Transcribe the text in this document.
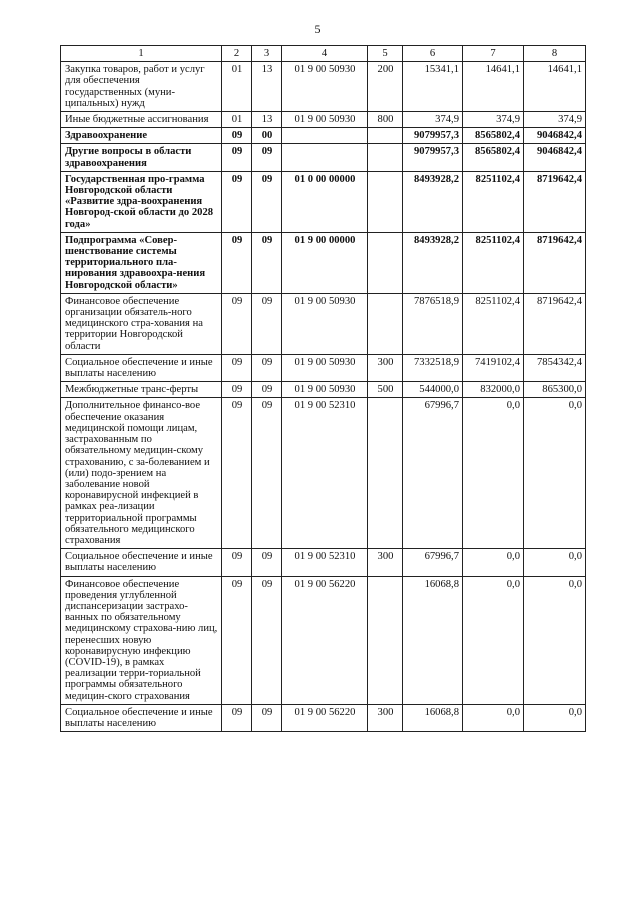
5
1	2	3	4	5	6	7	8
Закупка товаров, работ и услуг для обеспечения государственных (муни-ципальных) нужд	01	13	01 9 00 50930	200	15341,1	14641,1	14641,1
Иные бюджетные ассигнования	01	13	01 9 00 50930	800	374,9	374,9	374,9
Здравоохранение	09	00			9079957,3	8565802,4	9046842,4
Другие вопросы в области здравоохранения	09	09			9079957,3	8565802,4	9046842,4
Государственная про-грамма Новгородской области «Развитие здра-воохранения Новгород-ской области до 2028 года»	09	09	01 0 00 00000		8493928,2	8251102,4	8719642,4
Подпрограмма «Совер-шенствование системы территориального пла-нирования здравоохра-нения Новгородской области»	09	09	01 9 00 00000		8493928,2	8251102,4	8719642,4
Финансовое обеспечение организации обязатель-ного медицинского стра-хования на территории Новгородской области	09	09	01 9 00 50930		7876518,9	8251102,4	8719642,4
Социальное обеспечение и иные выплаты населению	09	09	01 9 00 50930	300	7332518,9	7419102,4	7854342,4
Межбюджетные транс-ферты	09	09	01 9 00 50930	500	544000,0	832000,0	865300,0
Дополнительное финансо-вое обеспечение оказания медицинской помощи лицам, застрахованным по обязательному медицин-скому страхованию, с за-болеванием и (или) подо-зрением на заболевание новой коронавирусной инфекцией в рамках реа-лизации территориальной программы обязательного медицинского страхования	09	09	01 9 00 52310		67996,7	0,0	0,0
Социальное обеспечение и иные выплаты населению	09	09	01 9 00 52310	300	67996,7	0,0	0,0
Финансовое обеспечение проведения углубленной диспансеризации застрахо-ванных по обязательному медицинскому страхова-нию лиц, перенесших новую коронавирусную инфекцию (COVID-19), в рамках реализации терри-ториальной программы обязательного медицин-ского страхования	09	09	01 9 00 56220		16068,8	0,0	0,0
Социальное обеспечение и иные выплаты населению	09	09	01 9 00 56220	300	16068,8	0,0	0,0
